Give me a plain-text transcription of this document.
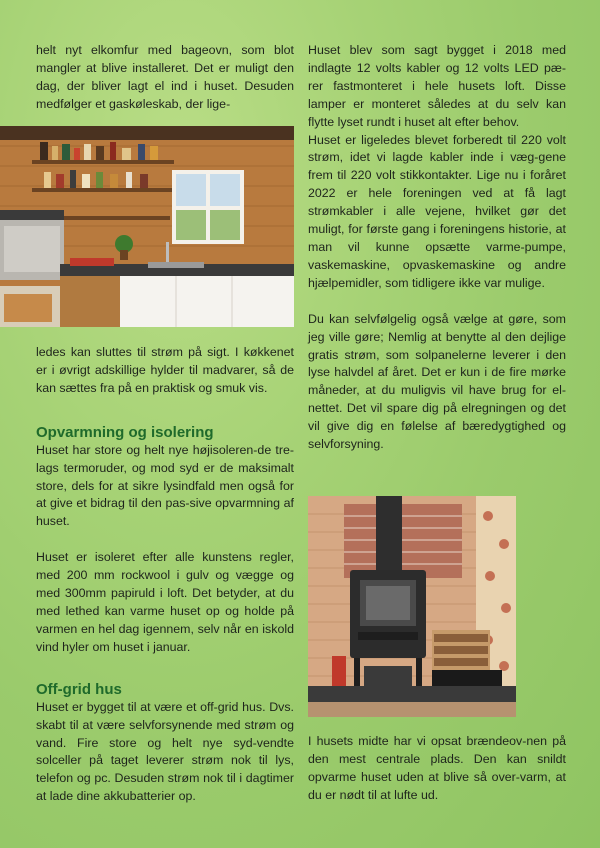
helt nyt elkomfur med bageovn, som blot mangler at blive installeret. Det er muligt den dag, der bliver lagt el ind i huset. Desuden medfølger et gaskøleskab, der lige-

ledes kan sluttes til strøm på sigt. I køkkenet er i øvrigt adskillige hylder til madvarer, så de kan sættes fra på en praktisk og smuk vis.

Opvarmning og isolering

Huset har store og helt nye højisoleren-de tre-lags termoruder, og mod syd er de maksimalt store, dels for at sikre lysindfald men også for at give et bidrag til den pas-sive opvarmning af huset.

Huset er isoleret efter alle kunstens regler, med 200 mm rockwool i gulv og vægge og med 300mm papiruld i loft. Det betyder, at du med lethed kan varme huset op og holde på varmen en hel dag igennem, selv når en iskold vind hyler om huset i januar.

Off-grid hus

Huset er bygget til at være et off-grid hus. Dvs. skabt til at være selvforsynende med strøm og vand. Fire store og helt nye syd-vendte solceller på taget leverer strøm nok til lys, telefon og pc. Desuden strøm nok til i dagtimer at lade dine akkubatterier op.

Huset blev som sagt bygget i 2018 med indlagte 12 volts kabler og 12 volts LED pæ-rer fastmonteret i hele husets loft. Disse lamper er monteret således at du selv kan flytte lyset rundt i huset alt efter behov.

Huset er ligeledes blevet forberedt til 220 volt strøm, idet vi lagde kabler inde i væg-gene frem til 220 volt stikkontakter. Lige nu i foråret 2022 er hele foreningen ved at få lagt strømkabler i alle vejene, hvilket gør det muligt, for første gang i foreningens historie, at man vil kunne opsætte varme-pumpe, vaskemaskine, opvaskemaskine og andre hjælpemidler, som tidligere ikke var mulige.

Du kan selvfølgelig også vælge at gøre, som jeg ville gøre; Nemlig at benytte al den dejlige gratis strøm, som solpanelerne leverer i den lyse halvdel af året. Det er kun i de fire mørke måneder, at du muligvis vil have brug for el-nettet. Det vil spare dig på elregningen og det vil give dig en følelse af bæredygtighed og selvforsyning.

I husets midte har vi opsat brændeov-nen på den mest centrale plads. Den kan snildt opvarme huset uden at blive så over-varm, at du er nødt til at lufte ud.
